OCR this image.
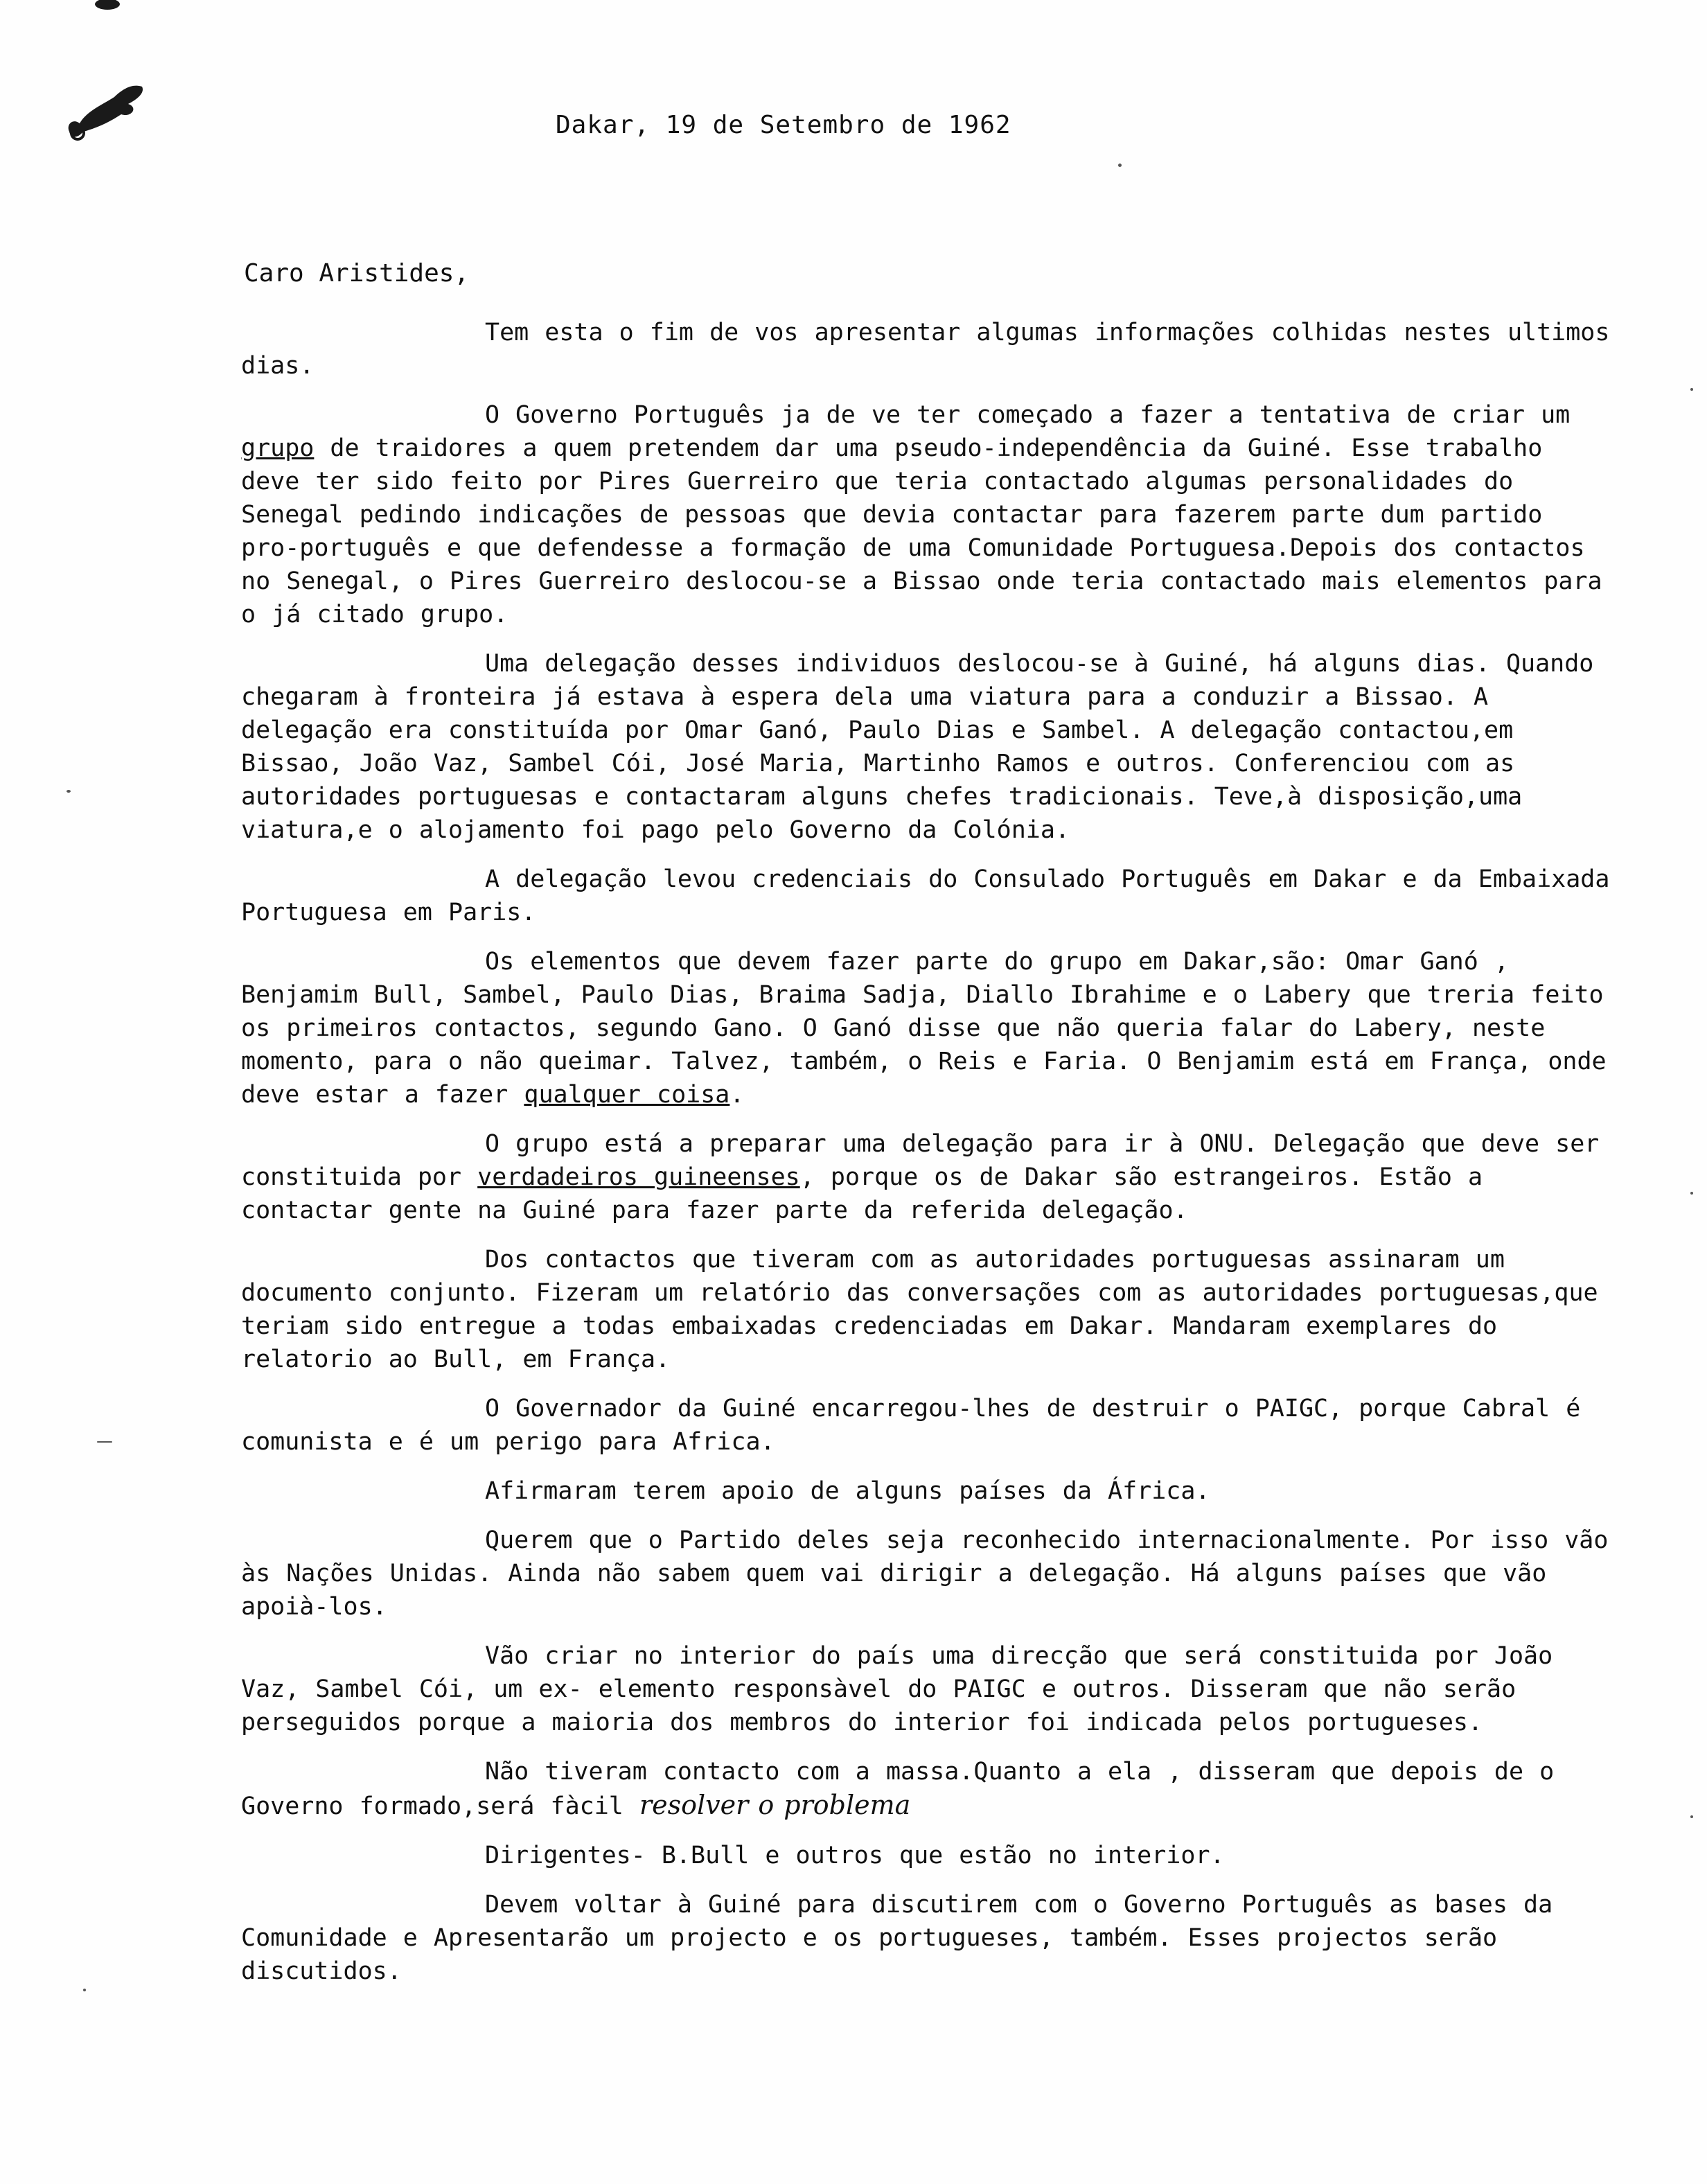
Dakar, 19 de Setembro de 1962
Caro Aristides,

Tem esta o fim de vos apresentar algumas informações colhidas nestes ultimos dias.

O Governo Português ja de ve ter começado a fazer a tentativa de criar um grupo de traidores a quem pretendem dar uma pseudo-independência da Guiné. Esse trabalho deve ter sido feito por Pires Guerreiro que teria contactado algumas personalidades do Senegal pedindo indicações de pessoas que devia contactar para fazerem parte dum partido pro-português e que defendesse a formação de uma Comunidade Portuguesa.Depois dos contactos no Senegal, o Pires Guerreiro deslocou-se a Bissao onde teria contactado mais elementos para o já citado grupo.

Uma delegação desses individuos deslocou-se à Guiné, há alguns dias. Quando chegaram à fronteira já estava à espera dela uma viatura para a conduzir a Bissao. A delegação era constituída por Omar Ganó, Paulo Dias e Sambel. A delegação contactou,em Bissao, João Vaz, Sambel Cói, José Maria, Martinho Ramos e outros. Conferenciou com as autoridades portuguesas e contactaram alguns chefes tradicionais. Teve,à disposição,uma viatura,e o alojamento foi pago pelo Governo da Colónia.

A delegação levou credenciais do Consulado Português em Dakar e da Embaixada Portuguesa em Paris.

Os elementos que devem fazer parte do grupo em Dakar,são: Omar Ganó , Benjamim Bull, Sambel, Paulo Dias, Braima Sadja, Diallo Ibrahime e o Labery que treria feito os primeiros contactos, segundo Gano. O Ganó disse que não queria falar do Labery, neste momento, para o não queimar. Talvez, também, o Reis e Faria. O Benjamim está em França, onde deve estar a fazer qualquer coisa.

O grupo está a preparar uma delegação para ir à ONU. Delegação que deve ser constituida por verdadeiros guineenses, porque os de Dakar são estrangeiros. Estão a contactar gente na Guiné para fazer parte da referida delegação.

Dos contactos que tiveram com as autoridades portuguesas assinaram um documento conjunto. Fizeram um relatório das conversações com as autoridades portuguesas,que teriam sido entregue a todas embaixadas credenciadas em Dakar. Mandaram exemplares do relatorio ao Bull, em França.

O Governador da Guiné encarregou-lhes de destruir o PAIGC, porque Cabral é comunista e é um perigo para Africa.

Afirmaram terem apoio de alguns países da África.

Querem que o Partido deles seja reconhecido internacionalmente. Por isso vão às Nações Unidas. Ainda não sabem quem vai dirigir a delegação. Há alguns países que vão apoià-los.

Vão criar no interior do país uma direcção que será constituida por João Vaz, Sambel Cói, um ex- elemento responsàvel do PAIGC e outros. Disseram que não serão perseguidos porque a maioria dos membros do interior foi indicada pelos portugueses.

Não tiveram contacto com a massa.Quanto a ela , disseram que depois de o Governo formado,será fàcil resolver o problema

Dirigentes- B.Bull e outros que estão no interior.

Devem voltar à Guiné para discutirem com o Governo Português as bases da Comunidade e Apresentarão um projecto e os portugueses, também. Esses projectos serão discutidos.
